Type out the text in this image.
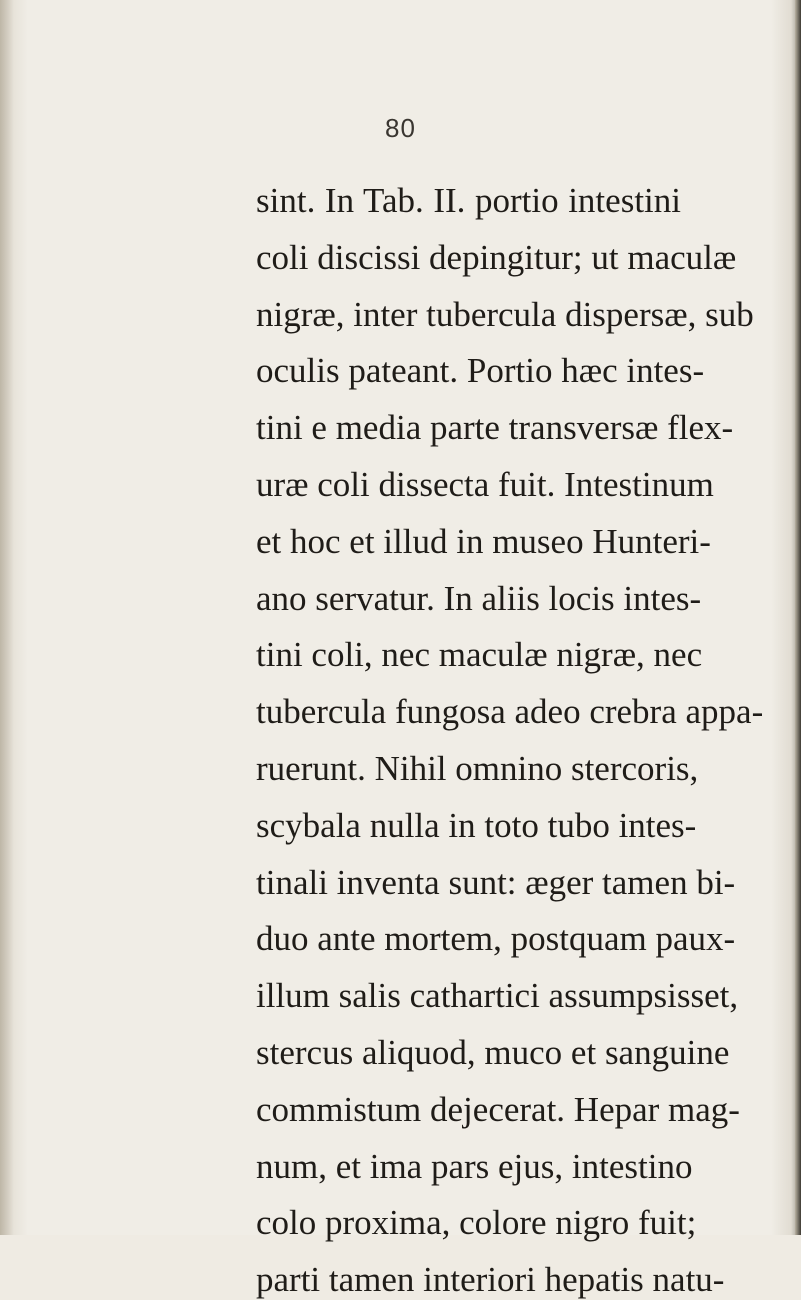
80
sint. In Tab. II. portio intestini
coli discissi depingitur; ut maculæ
nigræ, inter tubercula dispersæ, sub
oculis pateant. Portio hæc intes-
tini e media parte transversæ flex-
uræ coli dissecta fuit. Intestinum
et hoc et illud in museo Hunteri-
ano servatur. In aliis locis intes-
tini coli, nec maculæ nigræ, nec
tubercula fungosa adeo crebra appa-
ruerunt. Nihil omnino stercoris,
scybala nulla in toto tubo intes-
tinali inventa sunt: æger tamen bi-
duo ante mortem, postquam paux-
illum salis cathartici assumpsisset,
stercus aliquod, muco et sanguine
commistum dejecerat. Hepar mag-
num, et ima pars ejus, intestino
colo proxima, colore nigro fuit;
parti tamen interiori hepatis natu-
